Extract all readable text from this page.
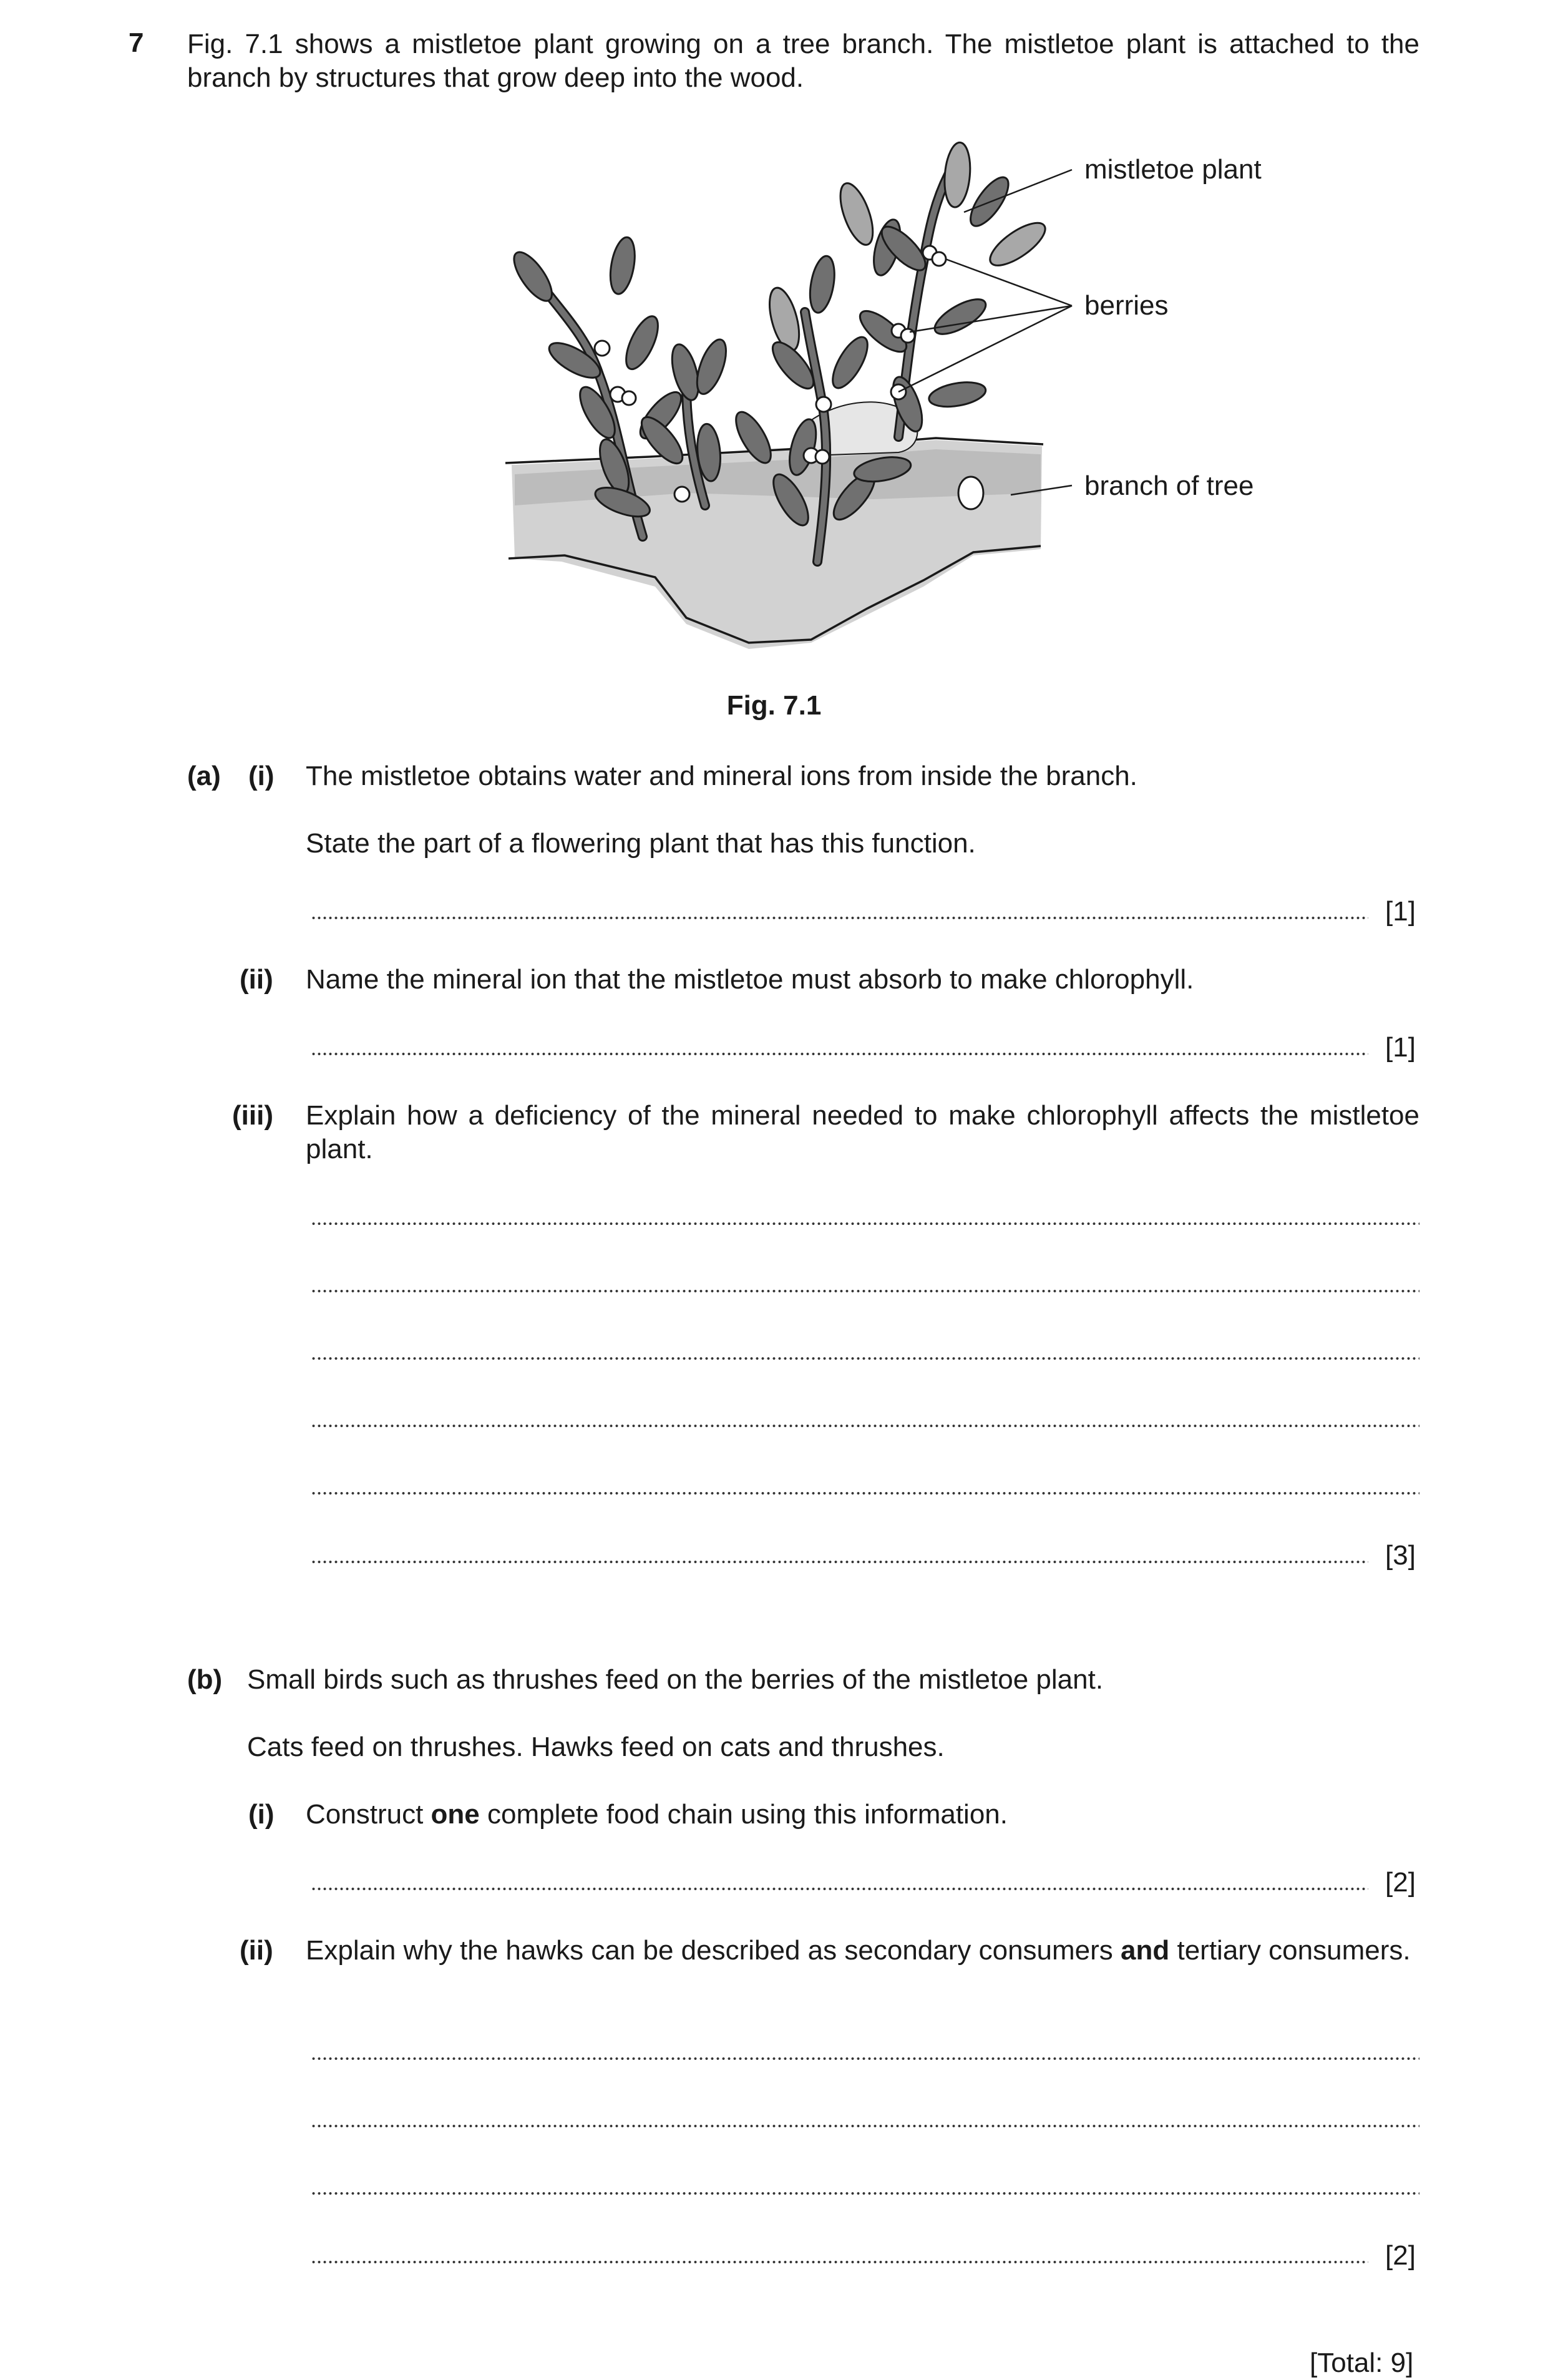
7 Fig. 7.1 shows a mistletoe plant growing on a tree branch. The mistletoe plant is attached to the branch by structures that grow deep into the wood.
mistletoe plant
berries
branch of tree
Fig. 7.1
(a) (i) The mistletoe obtains water and mineral ions from inside the branch.
State the part of a flowering plant that has this function.
[1]
(ii) Name the mineral ion that the mistletoe must absorb to make chlorophyll.
[1]
(iii) Explain how a deficiency of the mineral needed to make chlorophyll affects the mistletoe plant.
[3]
(b) Small birds such as thrushes feed on the berries of the mistletoe plant.
Cats feed on thrushes. Hawks feed on cats and thrushes.
(i) Construct one complete food chain using this information.
[2]
(ii) Explain why the hawks can be described as secondary consumers and tertiary consumers.
[2]
[Total: 9]
